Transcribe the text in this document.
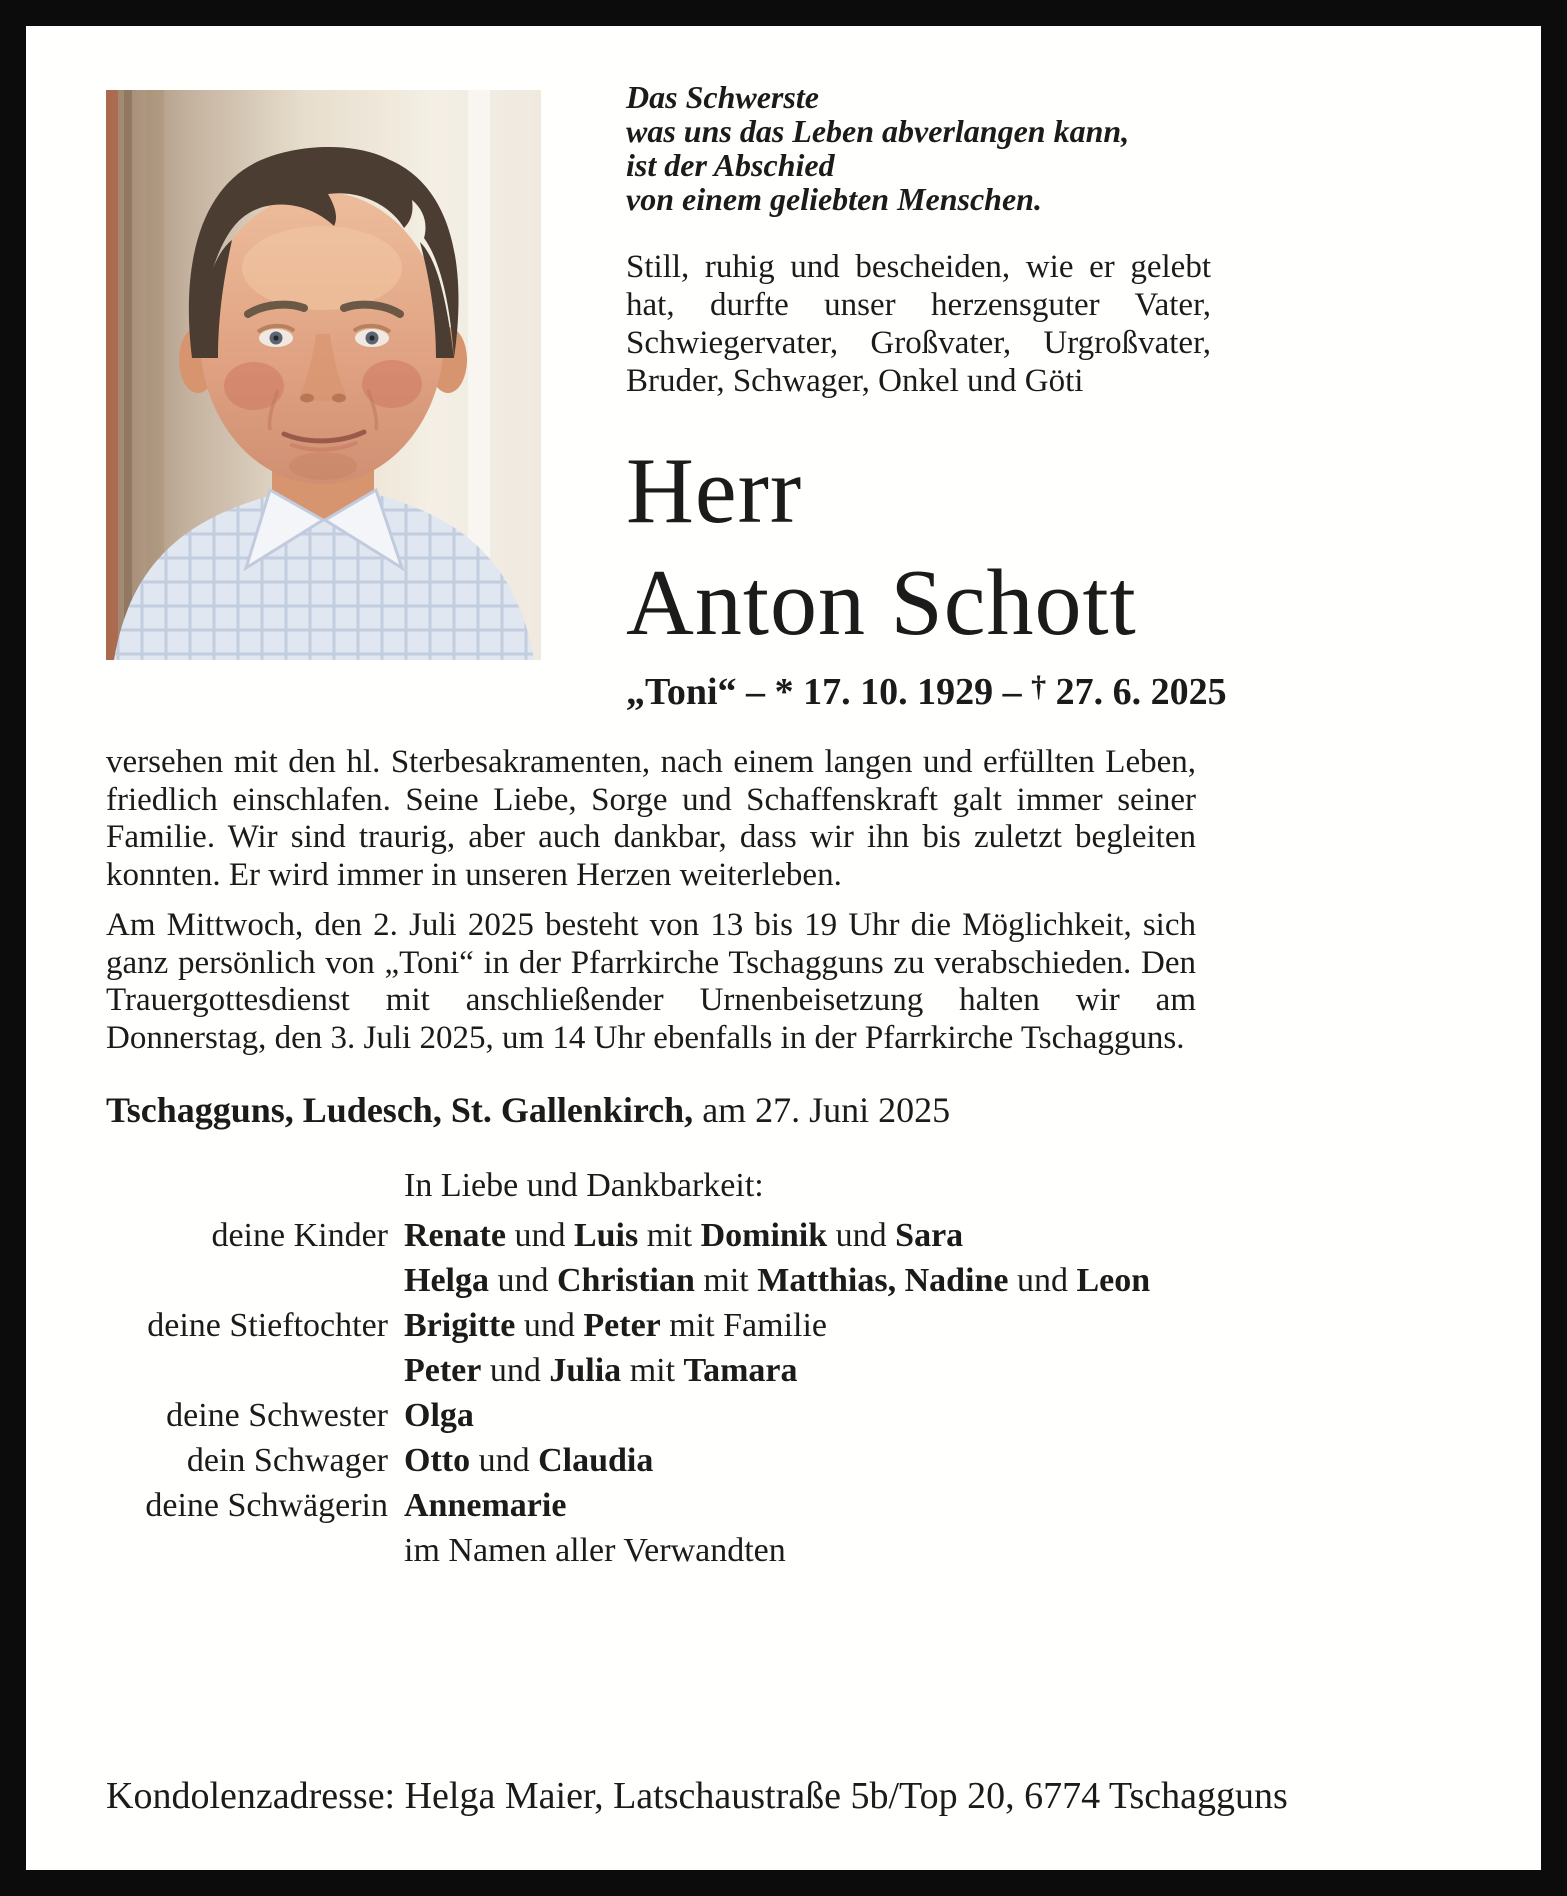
Das Schwerste
was uns das Leben abverlangen kann,
ist der Abschied
von einem geliebten Menschen.

Still, ruhig und bescheiden, wie er gelebt hat, durfte unser herzensguter Vater, Schwiegervater, Großvater, Urgroßvater, Bruder, Schwager, Onkel und Göti

Herr
Anton Schott
„Toni“ – * 17. 10. 1929 – † 27. 6. 2025

versehen mit den hl. Sterbesakramenten, nach einem langen und erfüllten Leben, friedlich einschlafen. Seine Liebe, Sorge und Schaffenskraft galt immer seiner Familie. Wir sind traurig, aber auch dankbar, dass wir ihn bis zuletzt begleiten konnten. Er wird immer in unseren Herzen weiterleben.

Am Mittwoch, den 2. Juli 2025 besteht von 13 bis 19 Uhr die Möglichkeit, sich ganz persönlich von „Toni“ in der Pfarrkirche Tschagguns zu verabschieden. Den Trauergottesdienst mit anschließender Urnenbeisetzung halten wir am Donnerstag, den 3. Juli 2025, um 14 Uhr ebenfalls in der Pfarrkirche Tschagguns.

Tschagguns, Ludesch, St. Gallenkirch, am 27. Juni 2025

In Liebe und Dankbarkeit:
deine Kinder Renate und Luis mit Dominik und Sara
Helga und Christian mit Matthias, Nadine und Leon
deine Stieftochter Brigitte und Peter mit Familie
Peter und Julia mit Tamara
deine Schwester Olga
dein Schwager Otto und Claudia
deine Schwägerin Annemarie
im Namen aller Verwandten

Kondolenzadresse: Helga Maier, Latschaustraße 5b/Top 20, 6774 Tschagguns
